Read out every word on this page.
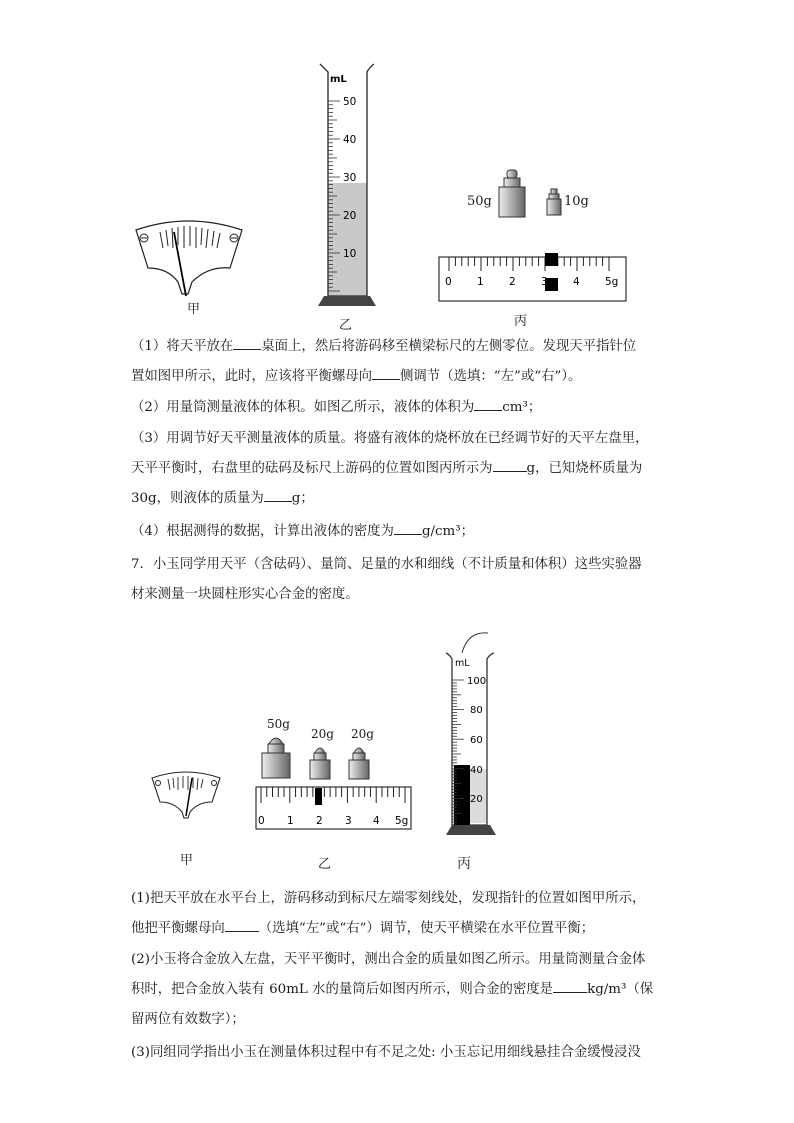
甲
mL
50
40
30
20
10
乙
50g	10g
0 1 2 3 4 5g
丙
（1）将天平放在 桌面上，然后将游码移至横梁标尺的左侧零位。发现天平指针位
置如图甲所示，此时，应该将平衡螺母向 侧调节（选填：“左”或“右”）。
（2）用量筒测量液体的体积。如图乙所示，液体的体积为 cm³；
（3）用调节好天平测量液体的质量。将盛有液体的烧杯放在已经调节好的天平左盘里，
天平平衡时，右盘里的砝码及标尺上游码的位置如图丙所示为	g，已知烧杯质量为
30g，则液体的质量为 g；
（4）根据测得的数据，计算出液体的密度为 g/cm³；
7．小玉同学用天平（含砝码）、量筒、足量的水和细线（不计质量和体积）这些实验器
材来测量一块圆柱形实心合金的密度。
甲
50g
20g 20g
0 1 2 3 4 5g
乙
mL
100
80
60
40
20
丙
(1)把天平放在水平台上，游码移动到标尺左端零刻线处，发现指针的位置如图甲所示，
他把平衡螺母向	（选填“左”或“右”）调节，使天平横梁在水平位置平衡；
(2)小玉将合金放入左盘，天平平衡时，测出合金的质量如图乙所示。用量筒测量合金体
积时，把合金放入装有 60mL 水的量筒后如图丙所示，则合金的密度是	kg/m³（保
留两位有效数字）；
(3)同组同学指出小玉在测量体积过程中有不足之处: 小玉忘记用细线悬挂合金缓慢浸没
